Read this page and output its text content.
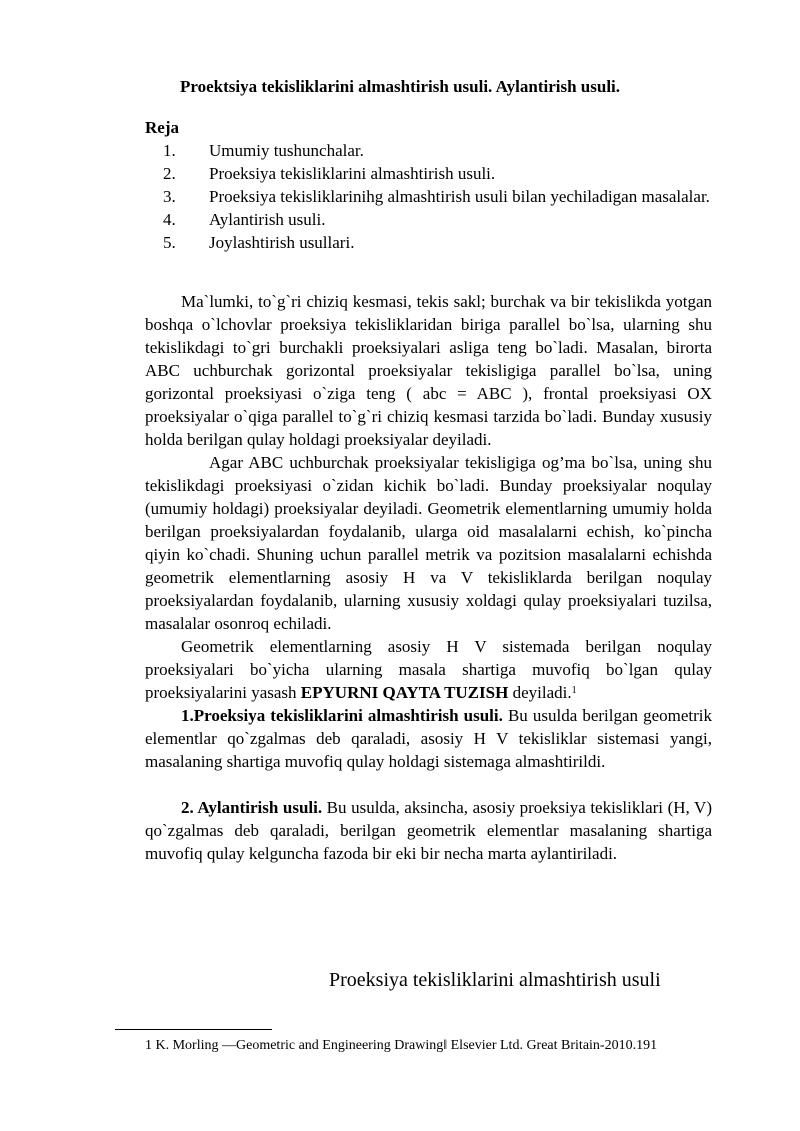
Proektsiya tekisliklarini almashtirish usuli. Aylantirish usuli.
Reja
1. Umumiy tushunchalar.
2. Proeksiya tekisliklarini almashtirish usuli.
3. Proeksiya tekisliklarinihg almashtirish usuli bilan yechiladigan masalalar.
4. Aylantirish usuli.
5. Joylashtirish usullari.

Ma`lumki, to`g`ri chiziq kesmasi, tekis sakl; burchak va bir tekislikda yotgan boshqa o`lchovlar proeksiya tekisliklaridan biriga parallel bo`lsa, ularning shu tekislikdagi to`gri burchakli proeksiyalari asliga teng bo`ladi. Masalan, birorta ABC uchburchak gorizontal proeksiyalar tekisligiga parallel bo`lsa, uning gorizontal proeksiyasi o`ziga teng ( abc = ABC ), frontal proeksiyasi OX proeksiyalar o`qiga parallel to`g`ri chiziq kesmasi tarzida bo`ladi. Bunday xususiy holda berilgan qulay holdagi proeksiyalar deyiladi.

Agar ABC uchburchak proeksiyalar tekisligiga og’ma bo`lsa, uning shu tekislikdagi proeksiyasi o`zidan kichik bo`ladi. Bunday proeksiyalar noqulay (umumiy holdagi) proeksiyalar deyiladi. Geometrik elementlarning umumiy holda berilgan proeksiyalardan foydalanib, ularga oid masalalarni echish, ko`pincha qiyin ko`chadi. Shuning uchun parallel metrik va pozitsion masalalarni echishda geometrik elementlarning asosiy H va V tekisliklarda berilgan noqulay proeksiyalardan foydalanib, ularning xususiy xoldagi qulay proeksiyalari tuzilsa, masalalar osonroq echiladi.

Geometrik elementlarning asosiy H V sistemada berilgan noqulay proeksiyalari bo`yicha ularning masala shartiga muvofiq bo`lgan qulay proeksiyalarini yasash EPYURNI QAYTA TUZISH deyiladi.$^1$

1.Proeksiya tekisliklarini almashtirish usuli. Bu usulda berilgan geometrik elementlar qo`zgalmas deb qaraladi, asosiy H V tekisliklar sistemasi yangi, masalaning shartiga muvofiq qulay holdagi sistemaga almashtirildi.

2. Aylantirish usuli. Bu usulda, aksincha, asosiy proeksiya tekisliklari (H, V) qo`zgalmas deb qaraladi, berilgan geometrik elementlar masalaning shartiga muvofiq qulay kelguncha fazoda bir eki bir necha marta aylantiriladi.

Proeksiya tekisliklarini almashtirish usuli
1 K. Morling ―Geometric and Engineering Drawing‖ Elsevier Ltd. Great Britain-2010.191
